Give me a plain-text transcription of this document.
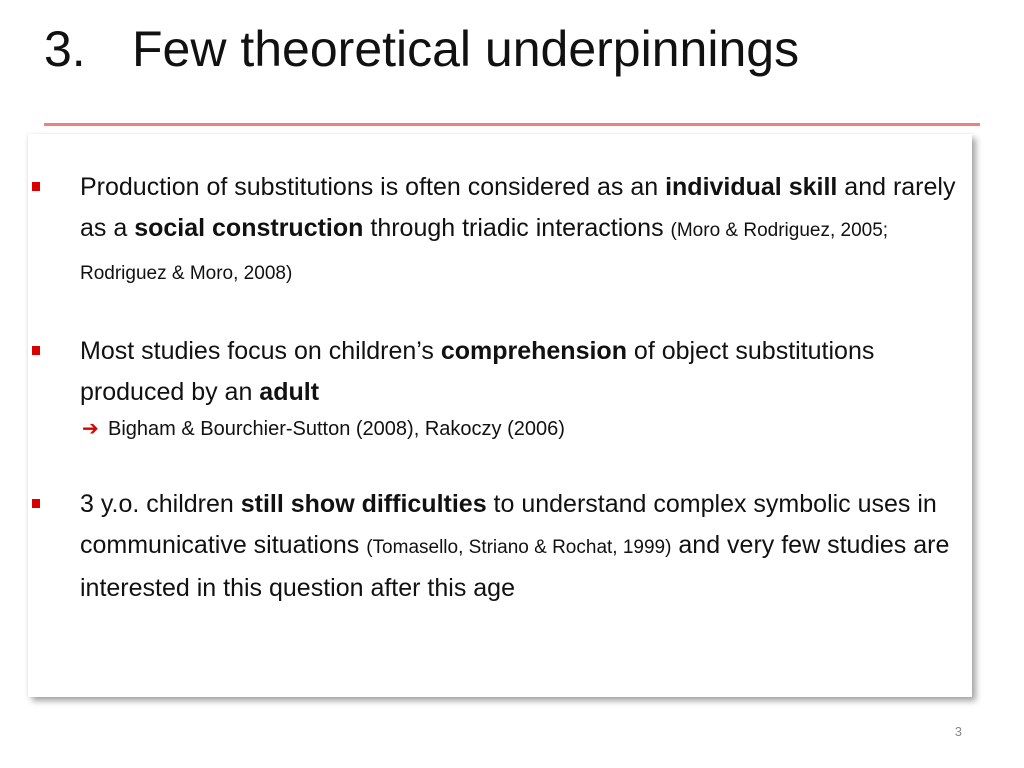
3. Few theoretical underpinnings
Production of substitutions is often considered as an individual skill and rarely as a social construction through triadic interactions (Moro & Rodriguez, 2005; Rodriguez & Moro, 2008)
Most studies focus on children’s comprehension of object substitutions produced by an adult
➔ Bigham & Bourchier-Sutton (2008), Rakoczy (2006)
3 y.o. children still show difficulties to understand complex symbolic uses in communicative situations (Tomasello, Striano & Rochat, 1999) and very few studies are interested in this question after this age
3
